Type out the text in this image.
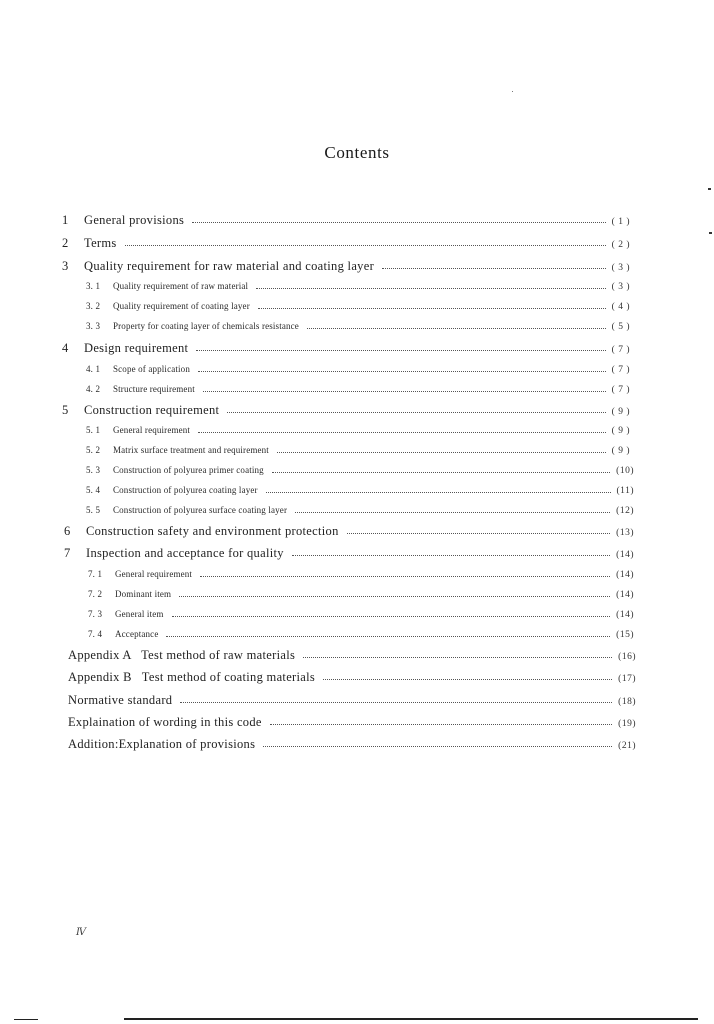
Contents
1	General provisions	( 1 )
2	Terms	( 2 )
3	Quality requirement for raw material and coating layer	( 3 )
3. 1	Quality requirement of raw material	( 3 )
3. 2	Quality requirement of coating layer	( 4 )
3. 3	Property for coating layer of chemicals resistance	( 5 )
4	Design requirement	( 7 )
4. 1	Scope of application	( 7 )
4. 2	Structure requirement	( 7 )
5	Construction requirement	( 9 )
5. 1	General requirement	( 9 )
5. 2	Matrix surface treatment and requirement	( 9 )
5. 3	Construction of polyurea primer coating	(10)
5. 4	Construction of polyurea coating layer	(11)
5. 5	Construction of polyurea surface coating layer	(12)
6	Construction safety and environment protection	(13)
7	Inspection and acceptance for quality	(14)
7. 1	General requirement	(14)
7. 2	Dominant item	(14)
7. 3	General item	(14)
7. 4	Acceptance	(15)
Appendix A   Test method of raw materials	(16)
Appendix B   Test method of coating materials	(17)
Normative standard	(18)
Explaination of wording in this code	(19)
Addition:Explanation of provisions	(21)
Ⅳ
